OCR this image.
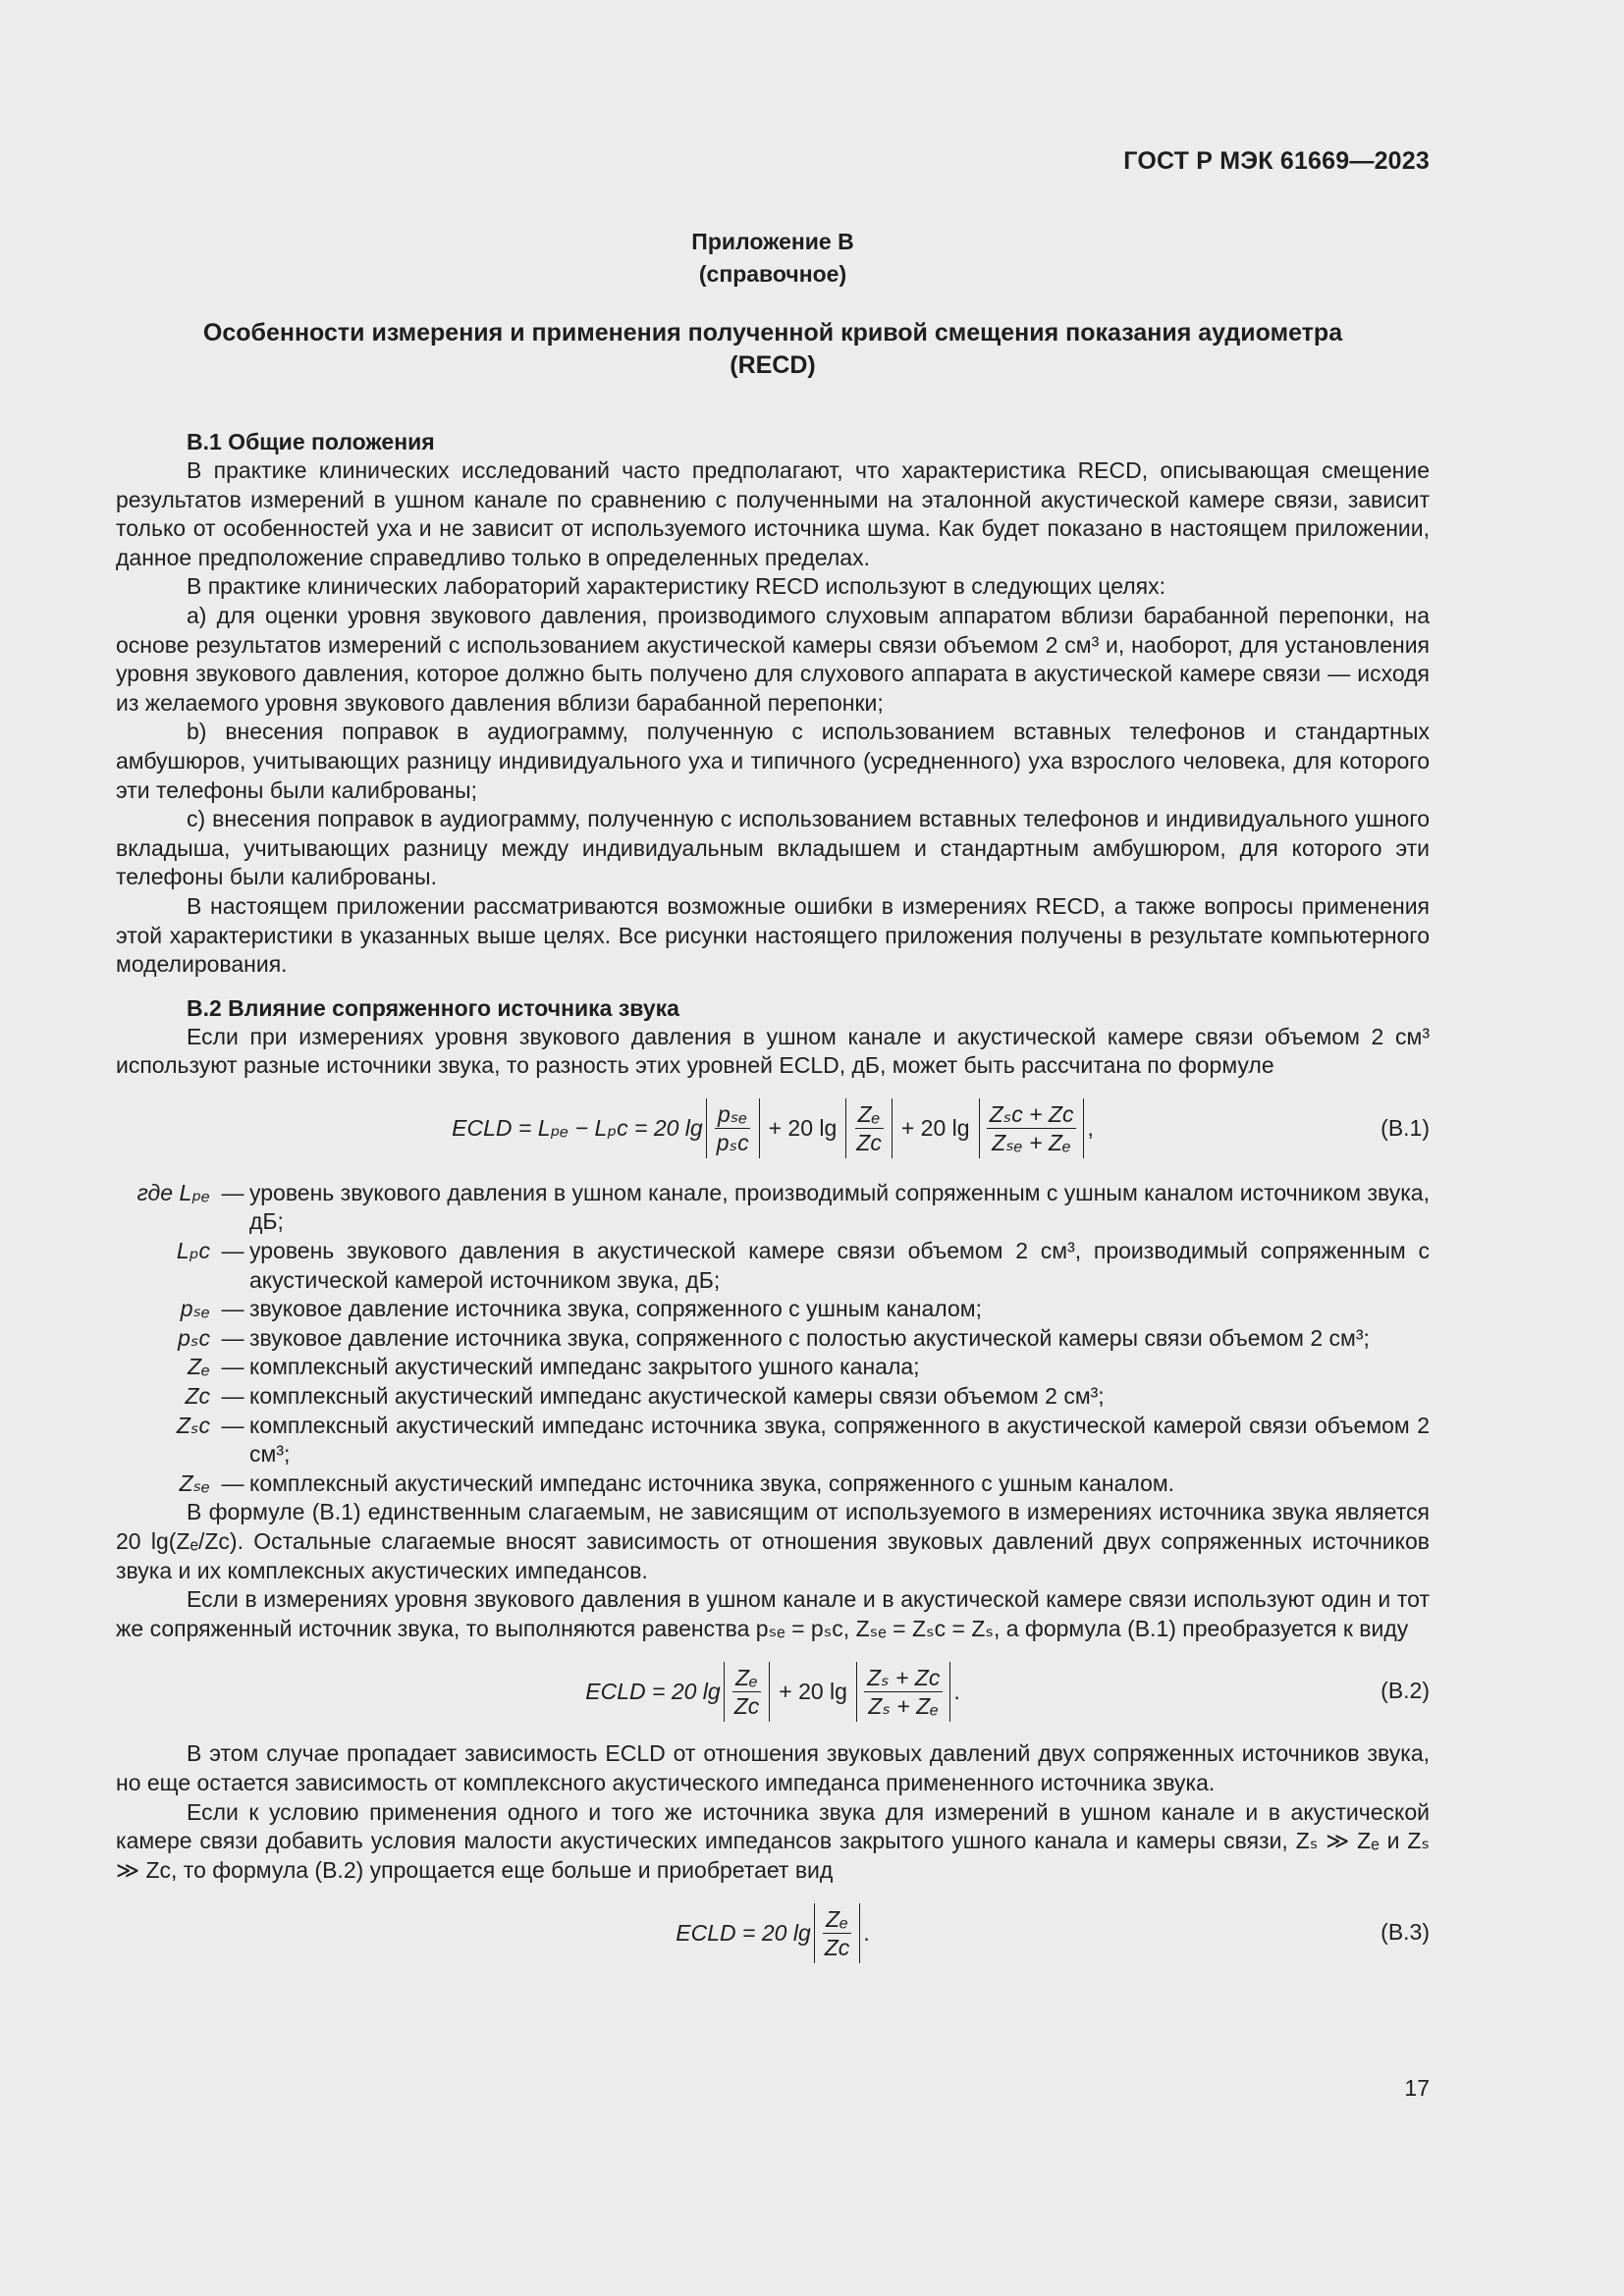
ГОСТ Р МЭК 61669—2023
Приложение В
(справочное)
Особенности измерения и применения полученной кривой смещения показания аудиометра
(RECD)
В.1 Общие положения

В практике клинических исследований часто предполагают, что характеристика RECD, описывающая смещение результатов измерений в ушном канале по сравнению с полученными на эталонной акустической камере связи, зависит только от особенностей уха и не зависит от используемого источника шума. Как будет показано в настоящем приложении, данное предположение справедливо только в определенных пределах.

В практике клинических лабораторий характеристику RECD используют в следующих целях:

а) для оценки уровня звукового давления, производимого слуховым аппаратом вблизи барабанной перепонки, на основе результатов измерений с использованием акустической камеры связи объемом 2 см³ и, наоборот, для установления уровня звукового давления, которое должно быть получено для слухового аппарата в акустической камере связи — исходя из желаемого уровня звукового давления вблизи барабанной перепонки;

b) внесения поправок в аудиограмму, полученную с использованием вставных телефонов и стандартных амбушюров, учитывающих разницу индивидуального уха и типичного (усредненного) уха взрослого человека, для которого эти телефоны были калиброваны;

c) внесения поправок в аудиограмму, полученную с использованием вставных телефонов и индивидуального ушного вкладыша, учитывающих разницу между индивидуальным вкладышем и стандартным амбушюром, для которого эти телефоны были калиброваны.

В настоящем приложении рассматриваются возможные ошибки в измерениях RECD, а также вопросы применения этой характеристики в указанных выше целях. Все рисунки настоящего приложения получены в результате компьютерного моделирования.

В.2 Влияние сопряженного источника звука

Если при измерениях уровня звукового давления в ушном канале и акустической камере связи объемом 2 см³ используют разные источники звука, то разность этих уровней ECLD, дБ, может быть рассчитана по формуле

ECLD = Lₚₑ − Lₚc = 20 lg
pₛₑ
pₛc
+ 20 $\lg \frac{\text{Zₑ}}{Zc} + 20$ lg
Zₛc + Zc
Zₛₑ + Zₑ
,	(В.1)
где Lₚₑ — уровень звукового давления в ушном канале, производимый сопряженным с ушным каналом источником звука, дБ;
Lₚc — уровень звукового давления в акустической камере связи объемом 2 см³, производимый сопряженным с акустической камерой источником звука, дБ;
pₛₑ — звуковое давление источника звука, сопряженного с ушным каналом;
pₛc — звуковое давление источника звука, сопряженного с полостью акустической камеры связи объемом 2 см³;
Zₑ — комплексный акустический импеданс закрытого ушного канала;
Zc — комплексный акустический импеданс акустической камеры связи объемом 2 см³;
Zₛc — комплексный акустический импеданс источника звука, сопряженного в акустической камерой связи объемом 2 см³;
Zₛₑ — комплексный акустический импеданс источника звука, сопряженного с ушным каналом.

В формуле (В.1) единственным слагаемым, не зависящим от используемого в измерениях источника звука является 20 lg(Zₑ/Zc). Остальные слагаемые вносят зависимость от отношения звуковых давлений двух сопряженных источников звука и их комплексных акустических импедансов.

Если в измерениях уровня звукового давления в ушном канале и в акустической камере связи используют один и тот же сопряженный источник звука, то выполняются равенства pₛₑ = pₛc, Zₛₑ = Zₛc = Zₛ, а формула (В.1) преобразуется к виду

ECLD = 20 $\lg \frac{\text{Zₑ}}{Zc} + 20$ $\lg \frac{\text{Zₛ + Zc}}{\text{Zₛ + Zₑ}}$ .	(В.2)

В этом случае пропадает зависимость ECLD от отношения звуковых давлений двух сопряженных источников звука, но еще остается зависимость от комплексного акустического импеданса примененного источника звука.

Если к условию применения одного и того же источника звука для измерений в ушном канале и в акустической камере связи добавить условия малости акустических импедансов закрытого ушного канала и камеры связи, Zₛ ≫ Zₑ и Zₛ ≫ Zc, то формула (В.2) упрощается еще больше и приобретает вид

ECLD = 20 $\lg \frac{\text{Zₑ}}{Zc}$ .	(В.3)
17
